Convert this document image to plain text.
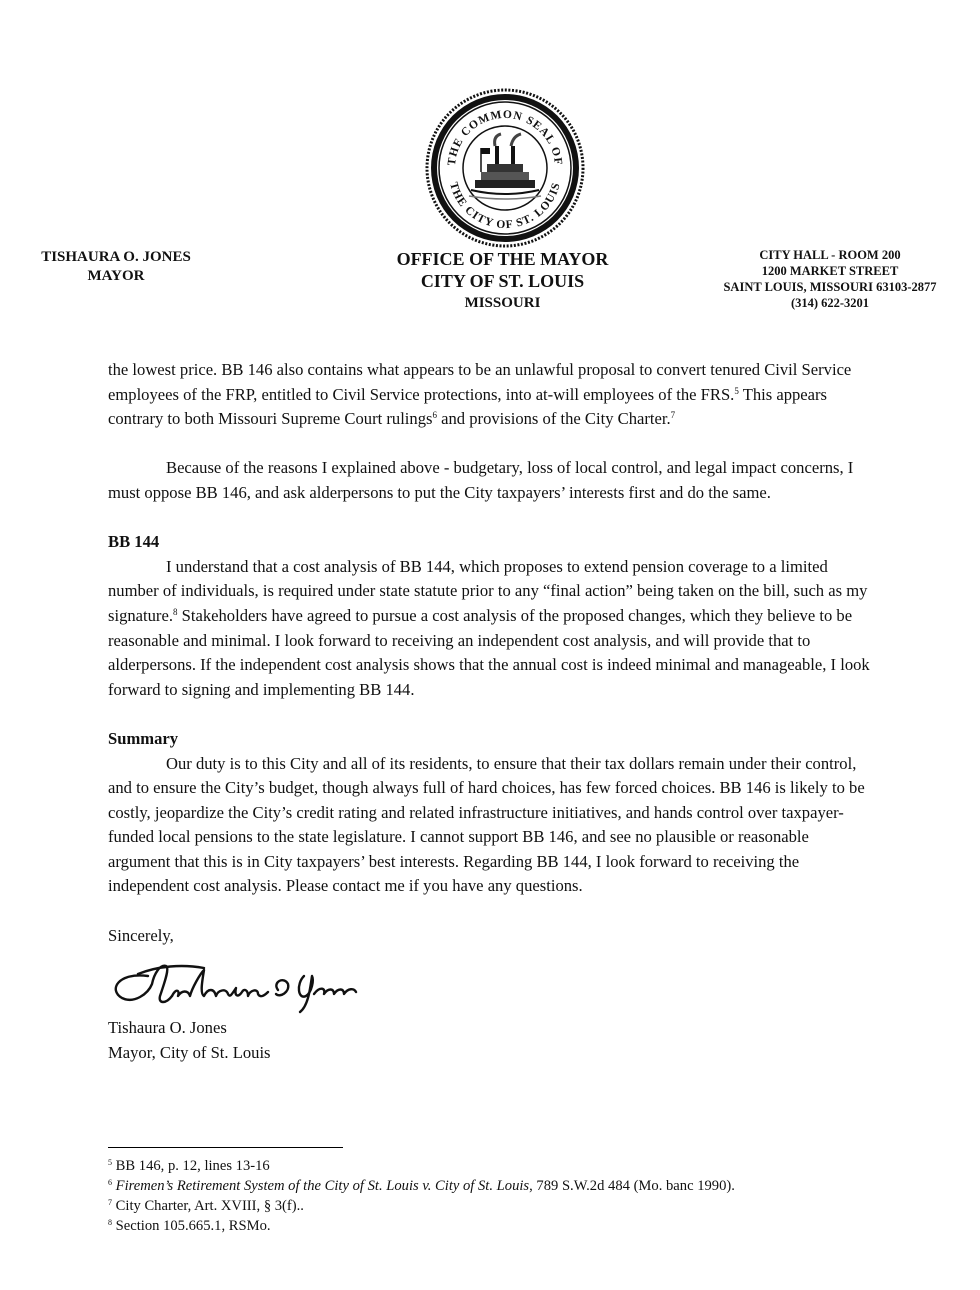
THE COMMON SEAL OF
THE CITY OF ST. LOUIS
TISHAURA O. JONES
MAYOR
OFFICE OF THE MAYOR
CITY OF ST. LOUIS
MISSOURI
CITY HALL - ROOM 200
1200 MARKET STREET
SAINT LOUIS, MISSOURI 63103-2877
(314) 622-3201

the lowest price. BB 146 also contains what appears to be an unlawful proposal to convert tenured Civil Service employees of the FRP, entitled to Civil Service protections, into at-will employees of the FRS.$^5$ This appears contrary to both Missouri Supreme Court rulings$^6$ and provisions of the City Charter.$^7$

Because of the reasons I explained above - budgetary, loss of local control, and legal impact concerns, I must oppose BB 146, and ask alderpersons to put the City taxpayers’ interests first and do the same.

BB 144

I understand that a cost analysis of BB 144, which proposes to extend pension coverage to a limited number of individuals, is required under state statute prior to any “final action” being taken on the bill, such as my signature.$^8$ Stakeholders have agreed to pursue a cost analysis of the proposed changes, which they believe to be reasonable and minimal. I look forward to receiving an independent cost analysis, and will provide that to alderpersons. If the independent cost analysis shows that the annual cost is indeed minimal and manageable, I look forward to signing and implementing BB 144.

Summary

Our duty is to this City and all of its residents, to ensure that their tax dollars remain under their control, and to ensure the City’s budget, though always full of hard choices, has few forced choices. BB 146 is likely to be costly, jeopardize the City’s credit rating and related infrastructure initiatives, and hands control over taxpayer-funded local pensions to the state legislature. I cannot support BB 146, and see no plausible or reasonable argument that this is in City taxpayers’ best interests. Regarding BB 144, I look forward to receiving the independent cost analysis. Please contact me if you have any questions.

Sincerely,

Tishaura O. Jones

Mayor, City of St. Louis

$^5$ BB 146, p. 12, lines 13-16

$^6$ Firemen’s Retirement System of the City of St. Louis v. City of St. Louis, 789 S.W.2d 484 (Mo. banc 1990).

$^7$ City Charter, Art. XVIII, § 3(f)..

$^8$ Section 105.665.1, RSMo.
